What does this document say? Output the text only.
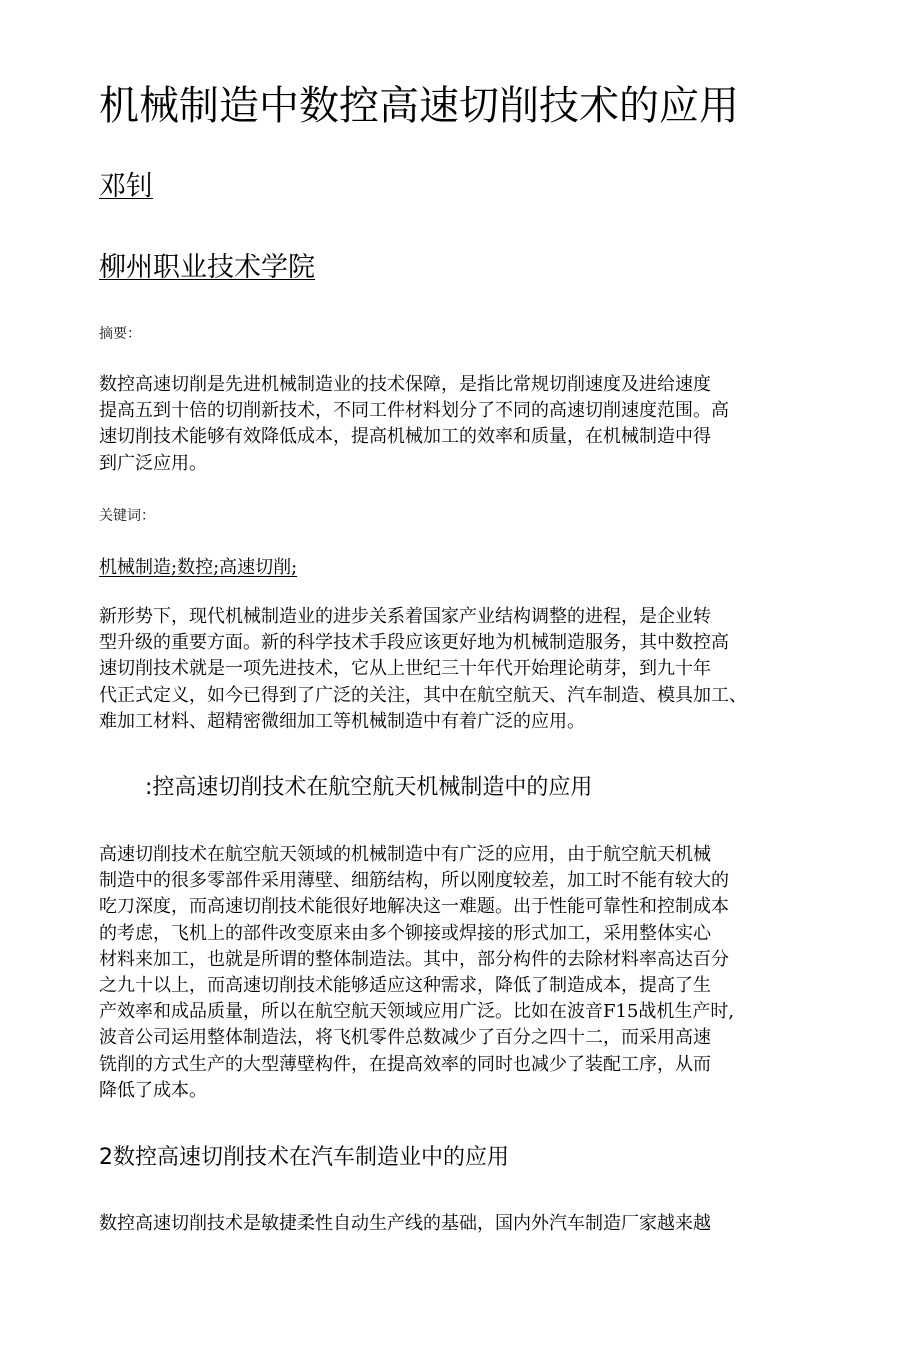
机械制造中数控高速切削技术的应用
邓钊
柳州职业技术学院
摘要：
数控高速切削是先进机械制造业的技术保障，是指比常规切削速度及进给速度
提高五到十倍的切削新技术，不同工件材料划分了不同的高速切削速度范围。高
速切削技术能够有效降低成本，提高机械加工的效率和质量，在机械制造中得
到广泛应用。
关键词：
机械制造;数控;高速切削;
新形势下，现代机械制造业的进步关系着国家产业结构调整的进程，是企业转
型升级的重要方面。新的科学技术手段应该更好地为机械制造服务，其中数控高
速切削技术就是一项先进技术，它从上世纪三十年代开始理论萌芽，到九十年
代正式定义，如今已得到了广泛的关注，其中在航空航天、汽车制造、模具加工、
难加工材料、超精密微细加工等机械制造中有着广泛的应用。
:控高速切削技术在航空航天机械制造中的应用
高速切削技术在航空航天领域的机械制造中有广泛的应用，由于航空航天机械
制造中的很多零部件采用薄壁、细筋结构，所以刚度较差，加工时不能有较大的
吃刀深度，而高速切削技术能很好地解决这一难题。出于性能可靠性和控制成本
的考虑，飞机上的部件改变原来由多个铆接或焊接的形式加工，采用整体实心
材料来加工，也就是所谓的整体制造法。其中，部分构件的去除材料率高达百分
之九十以上，而高速切削技术能够适应这种需求，降低了制造成本，提高了生
产效率和成品质量，所以在航空航天领域应用广泛。比如在波音F15战机生产时,
波音公司运用整体制造法，将飞机零件总数减少了百分之四十二，而采用高速
铣削的方式生产的大型薄壁构件，在提高效率的同时也减少了装配工序，从而
降低了成本。
2数控高速切削技术在汽车制造业中的应用
数控高速切削技术是敏捷柔性自动生产线的基础，国内外汽车制造厂家越来越
